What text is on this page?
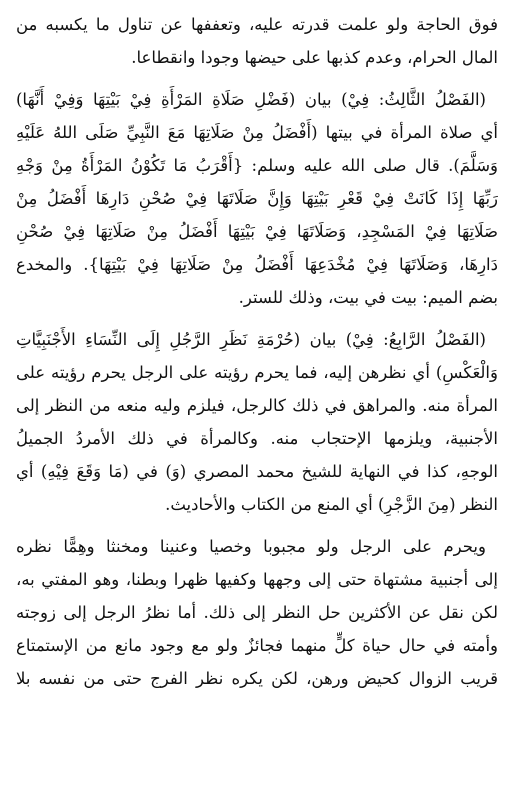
فوق الحاجة ولو علمت قدرته عليه، وتعففها عن تناول ما يكسبه من
المال الحرام، وعدم كذبها على حيضها وجودا وانقطاعا.
(الفَصْلُ الثَّالِثُ: فِيْ) بيان (فَضْلِ صَلَاةِ المَرْأَةِ فِيْ بَيْتِهَا وَفِيْ أَنَّهَا)
أي صلاة المرأة في بيتها (أَفْضَلُ مِنْ صَلَاتِهَا مَعَ النَّبِيِّ صَلَى اللهُ عَلَيْهِ
وَسَلَّمَ). قال صلى الله عليه وسلم: {أَقْرَبُ مَا تَكُوْنُ المَرْأَةُ مِنْ وَجْهِ
رَبِّهَا إِذَا كَانَتْ فِيْ قَعْرِ بَيْتِهَا وَإِنَّ صَلَاتَهَا فِيْ صُحْنِ دَارِهَا أَفْضَلُ مِنْ
صَلَاتِهَا فِيْ المَسْجِدِ، وَصَلَاتَهَا فِيْ بَيْتِهَا أَفْضَلُ مِنْ صَلَاتِهَا فِيْ صُحْنِ
دَارِهَا، وَصَلَاتَهَا فِيْ مُخْدَعِهَا أَفْضَلُ مِنْ صَلَاتِهَا فِيْ بَيْتِهَا}. والمخدع
بضم الميم: بيت في بيت، وذلك للستر.
(الفَصْلُ الرَّابِعُ: فِيْ) بيان (حُرْمَةِ نَظَرِ الرَّجُلِ إِلَى النِّسَاءِ الأَجْنَبِيَّاتِ
وَالْعَكْسِ) أي نظرهن إليه، فما يحرم رؤيته على الرجل يحرم رؤيته على
المرأة منه. والمراهق في ذلك كالرجل، فيلزم وليه منعه من النظر إلى
الأجنبية، ويلزمها الإحتجاب منه. وكالمرأة في ذلك الأمردُ الجميلُ
الوجهِ، كذا في النهاية للشيخ محمد المصري (وَ) في (مَا وَقَعَ فِيْهِ) أي
النظر (مِنَ الزَّجْرِ) أي المنع من الكتاب والأحاديث.
ويحرم على الرجل ولو مجبوبا وخصيا وعنينا ومخنثا وهِمًّا نظره
إلى أجنبية مشتهاة حتى إلى وجهها وكفيها ظهرا وبطنا، وهو المفتي به،
لكن نقل عن الأكثرين حل النظر إلى ذلك. أما نظرُ الرجل إلى زوجته
وأمته في حال حياة كلٍّ منهما فجائزٌ ولو مع وجود مانع من الإستمتاع
قريب الزوال كحيض ورهن، لكن يكره نظر الفرج حتى من نفسه بلا
